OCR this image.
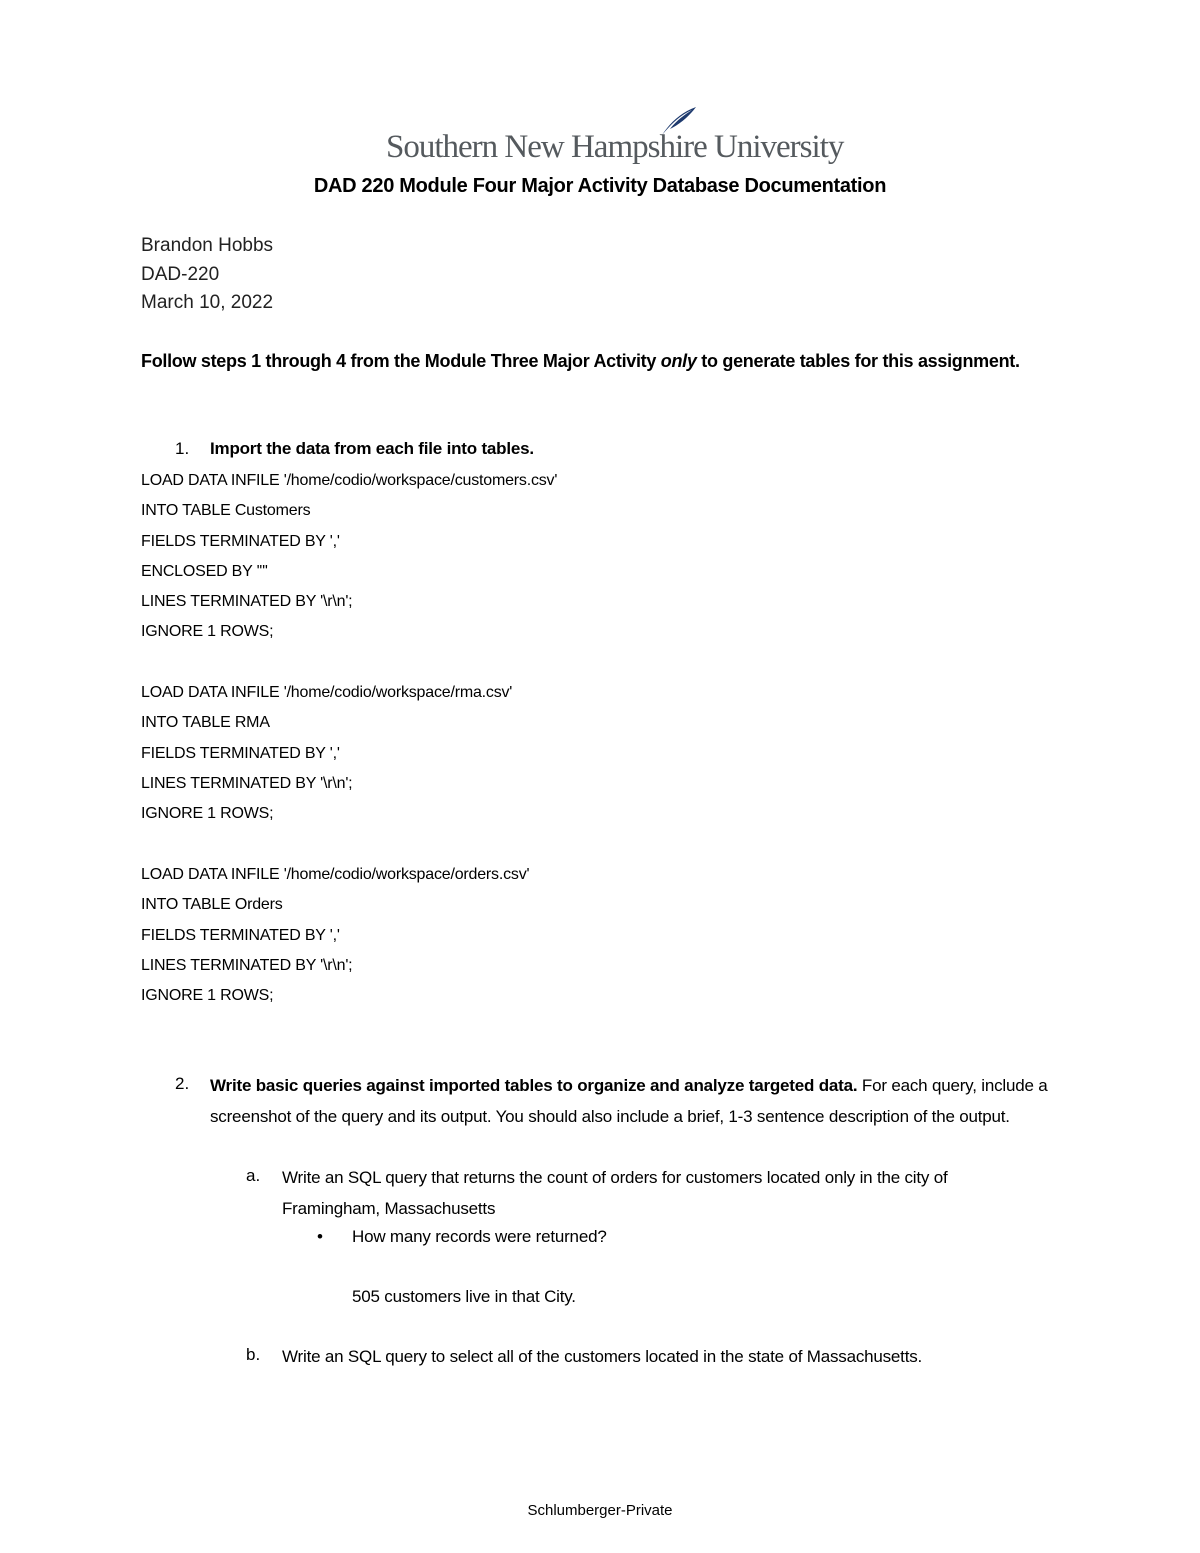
Southern New Hampshire University
DAD 220 Module Four Major Activity Database Documentation
Brandon Hobbs
DAD-220
March 10, 2022
Follow steps 1 through 4 from the Module Three Major Activity only to generate tables for this assignment.
1. Import the data from each file into tables.
LOAD DATA INFILE '/home/codio/workspace/customers.csv'
INTO TABLE Customers
FIELDS TERMINATED BY ','
ENCLOSED BY '"'
LINES TERMINATED BY '\r\n';
IGNORE 1 ROWS;
LOAD DATA INFILE '/home/codio/workspace/rma.csv'
INTO TABLE RMA
FIELDS TERMINATED BY ','
LINES TERMINATED BY '\r\n';
IGNORE 1 ROWS;
LOAD DATA INFILE '/home/codio/workspace/orders.csv'
INTO TABLE Orders
FIELDS TERMINATED BY ','
LINES TERMINATED BY '\r\n';
IGNORE 1 ROWS;
2. Write basic queries against imported tables to organize and analyze targeted data. For each query, include a screenshot of the query and its output. You should also include a brief, 1-3 sentence description of the output.
a. Write an SQL query that returns the count of orders for customers located only in the city of Framingham, Massachusetts
• How many records were returned?
505 customers live in that City.
b. Write an SQL query to select all of the customers located in the state of Massachusetts.
Schlumberger-Private
